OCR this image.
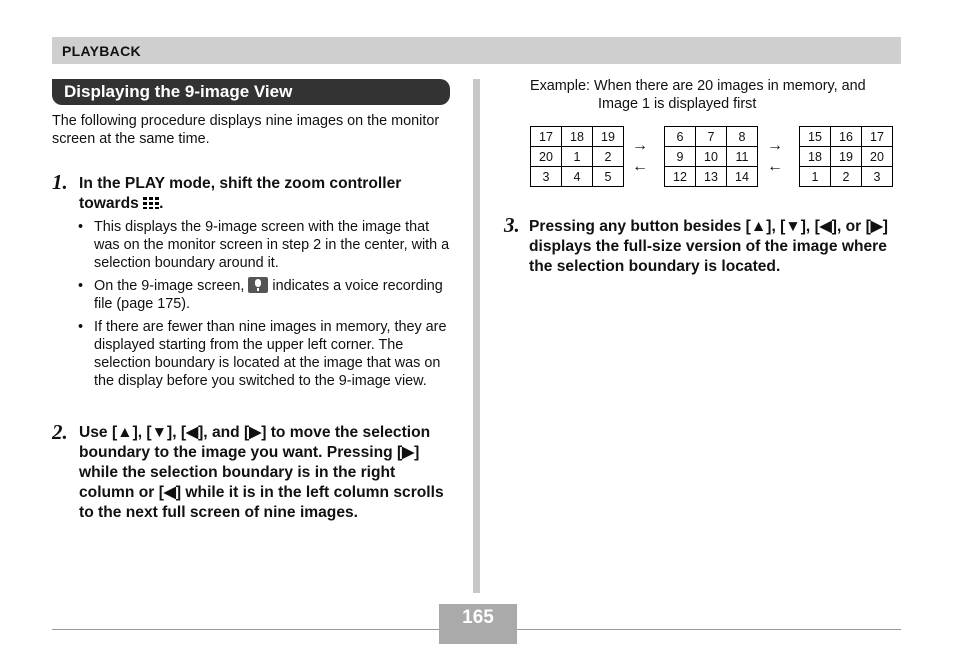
PLAYBACK
Displaying the 9-image View
The following procedure displays nine images on the monitor screen at the same time.
1. In the PLAY mode, shift the zoom controller towards .
• This displays the 9-image screen with the image that was on the monitor screen in step 2 in the center, with a selection boundary around it.
• On the 9-image screen, indicates a voice recording file (page 175).
• If there are fewer than nine images in memory, they are displayed starting from the upper left corner. The selection boundary is located at the image that was on the display before you switched to the 9-image view.
2. Use [▲], [▼], [◀], and [▶] to move the selection boundary to the image you want. Pressing [▶] while the selection boundary is in the right column or [◀] while it is in the left column scrolls to the next full screen of nine images.
Example: When there are 20 images in memory, and
Image 1 is displayed first
17	18	19
20	1	2
3	4	5
→
←
6	7	8
9	10	11
12	13	14
→
←
15	16	17
18	19	20
1	2	3
3. Pressing any button besides [▲], [▼], [◀], or [▶] displays the full-size version of the image where the selection boundary is located.
165
